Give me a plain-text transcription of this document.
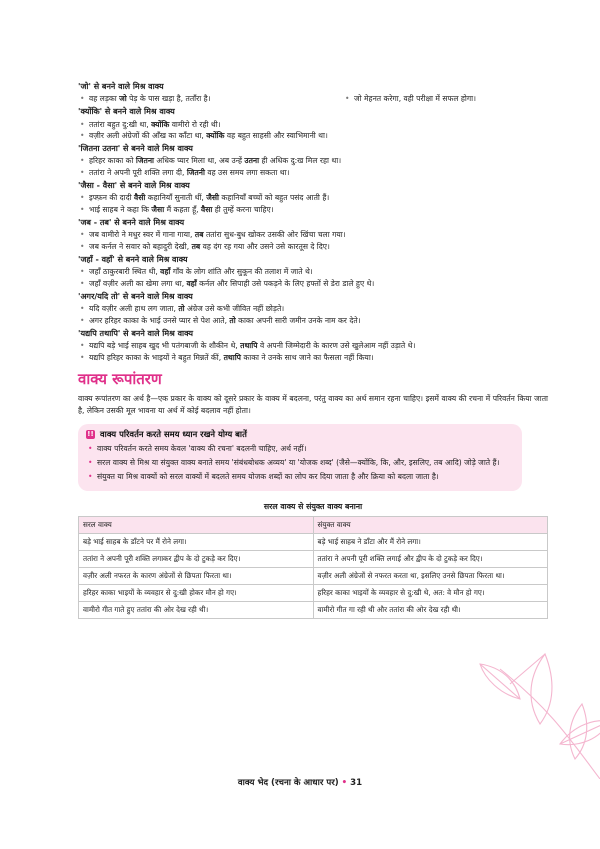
'जो' से बनने वाले मिश्र वाक्य
• वह लड़का जो पेड़ के पास खड़ा है, तताँरा है।	• जो मेहनत करेगा, वही परीक्षा में सफल होगा।
'क्योंकि' से बनने वाले मिश्र वाक्य
• ततांरा बहुत दु:खी था, क्योंकि वामीरो रो रही थी।
• वज़ीर अली अंग्रेजों की आँख का काँटा था, क्योंकि वह बहुत साहसी और स्वाभिमानी था।
'जितना उतना' से बनने वाले मिश्र वाक्य
• हरिहर काका को जितना अधिक प्यार मिला था, अब उन्हें उतना ही अधिक दु:ख मिल रहा था।
• ततांरा ने अपनी पूरी शक्ति लगा दी, जितनी वह उस समय लगा सकता था।
'जैसा - वैसा' से बनने वाले मिश्र वाक्य
• इफ्फ़न की दादी वैसी कहानियाँ सुनाती थीं, जैसी कहानियाँ बच्चों को बहुत पसंद आती हैं।
• भाई साहब ने कहा कि जैसा मैं कहता हूँ, वैसा ही तुम्हें करना चाहिए।
'जब - तब' से बनने वाले मिश्र वाक्य
• जब वामीरो ने मधुर स्वर में गाना गाया, तब ततांरा सुध-बुध खोकर उसकी ओर खिंचा चला गया।
• जब कर्नल ने सवार को बहादुरी देखी, तब वह दंग रह गया और उसने उसे कारतूस दे दिए।
'जहाँ - वहाँ' से बनने वाले मिश्र वाक्य
• जहाँ ठाकुरबारी स्थित थी, वहाँ गाँव के लोग शांति और सुकून की तलाश में जाते थे।
• जहाँ वज़ीर अली का खेमा लगा था, वहाँ कर्नल और सिपाही उसे पकड़ने के लिए हफ्तों से डेरा डाले हुए थे।
'अगर/यदि तो' से बनने वाले मिश्र वाक्य
• यदि वज़ीर अली हाथ लग जाता, तो अंग्रेज उसे कभी जीवित नहीं छोड़ते।
• अगर हरिहर काका के भाई उनसे प्यार से पेश आते, तो काका अपनी सारी जमीन उनके नाम कर देते।
'यद्यपि तथापि' से बनने वाले मिश्र वाक्य
• यद्यपि बड़े भाई साहब खुद भी पतंगबाजी के शौकीन थे, तथापि वे अपनी जिम्मेदारी के कारण उसे खुलेआम नहीं उड़ाते थे।
• यद्यपि हरिहर काका के भाइयों ने बहुत मिन्नतें कीं, तथापि काका ने उनके साथ जाने का फैसला नहीं किया।
वाक्य रूपांतरण
वाक्य रूपांतरण का अर्थ है—एक प्रकार के वाक्य को दूसरे प्रकार के वाक्य में बदलना, परंतु वाक्य का अर्थ समान रहना चाहिए। इसमें वाक्य की रचना में परिवर्तन किया जाता है, लेकिन उसकी मूल भावना या अर्थ में कोई बदलाव नहीं होता।
!! वाक्य परिवर्तन करते समय ध्यान रखने योग्य बातें
• वाक्य परिवर्तन करते समय केवल 'वाक्य की रचना' बदलनी चाहिए, अर्थ नहीं।
• सरल वाक्य से मिश्र या संयुक्त वाक्य बनाते समय 'संबंधबोधक अव्यय' या 'योजक शब्द' (जैसे—क्योंकि, कि, और, इसलिए, तब आदि) जोड़े जाते हैं।
• संयुक्त या मिश्र वाक्यों को सरल वाक्यों में बदलते समय योजक शब्दों का लोप कर दिया जाता है और क्रिया को बदला जाता है।
सरल वाक्य से संयुक्त वाक्य बनाना
सरल वाक्य	संयुक्त वाक्य
बड़े भाई साहब के डाँटने पर मैं रोने लगा।	बड़े भाई साहब ने डाँटा और मैं रोने लगा।
ततांरा ने अपनी पूरी शक्ति लगाकर द्वीप के दो टुकड़े कर दिए।	ततांरा ने अपनी पूरी शक्ति लगाई और द्वीप के दो टुकड़े कर दिए।
वज़ीर अली नफरत के कारण अंग्रेजों से छिपता फिरता था।	वज़ीर अली अंग्रेजों से नफरत करता था, इसलिए उनसे छिपता फिरता था।
हरिहर काका भाइयों के व्यवहार से दु:खी होकर मौन हो गए।	हरिहर काका भाइयों के व्यवहार से दु:खी थे, अत: वे मौन हो गए।
वामीरो गीत गाते हुए ततांरा की ओर देख रही थी।	वामीरो गीत गा रही थी और ततांरा की ओर देख रही थी।
वाक्य भेद (रचना के आधार पर) • 31
